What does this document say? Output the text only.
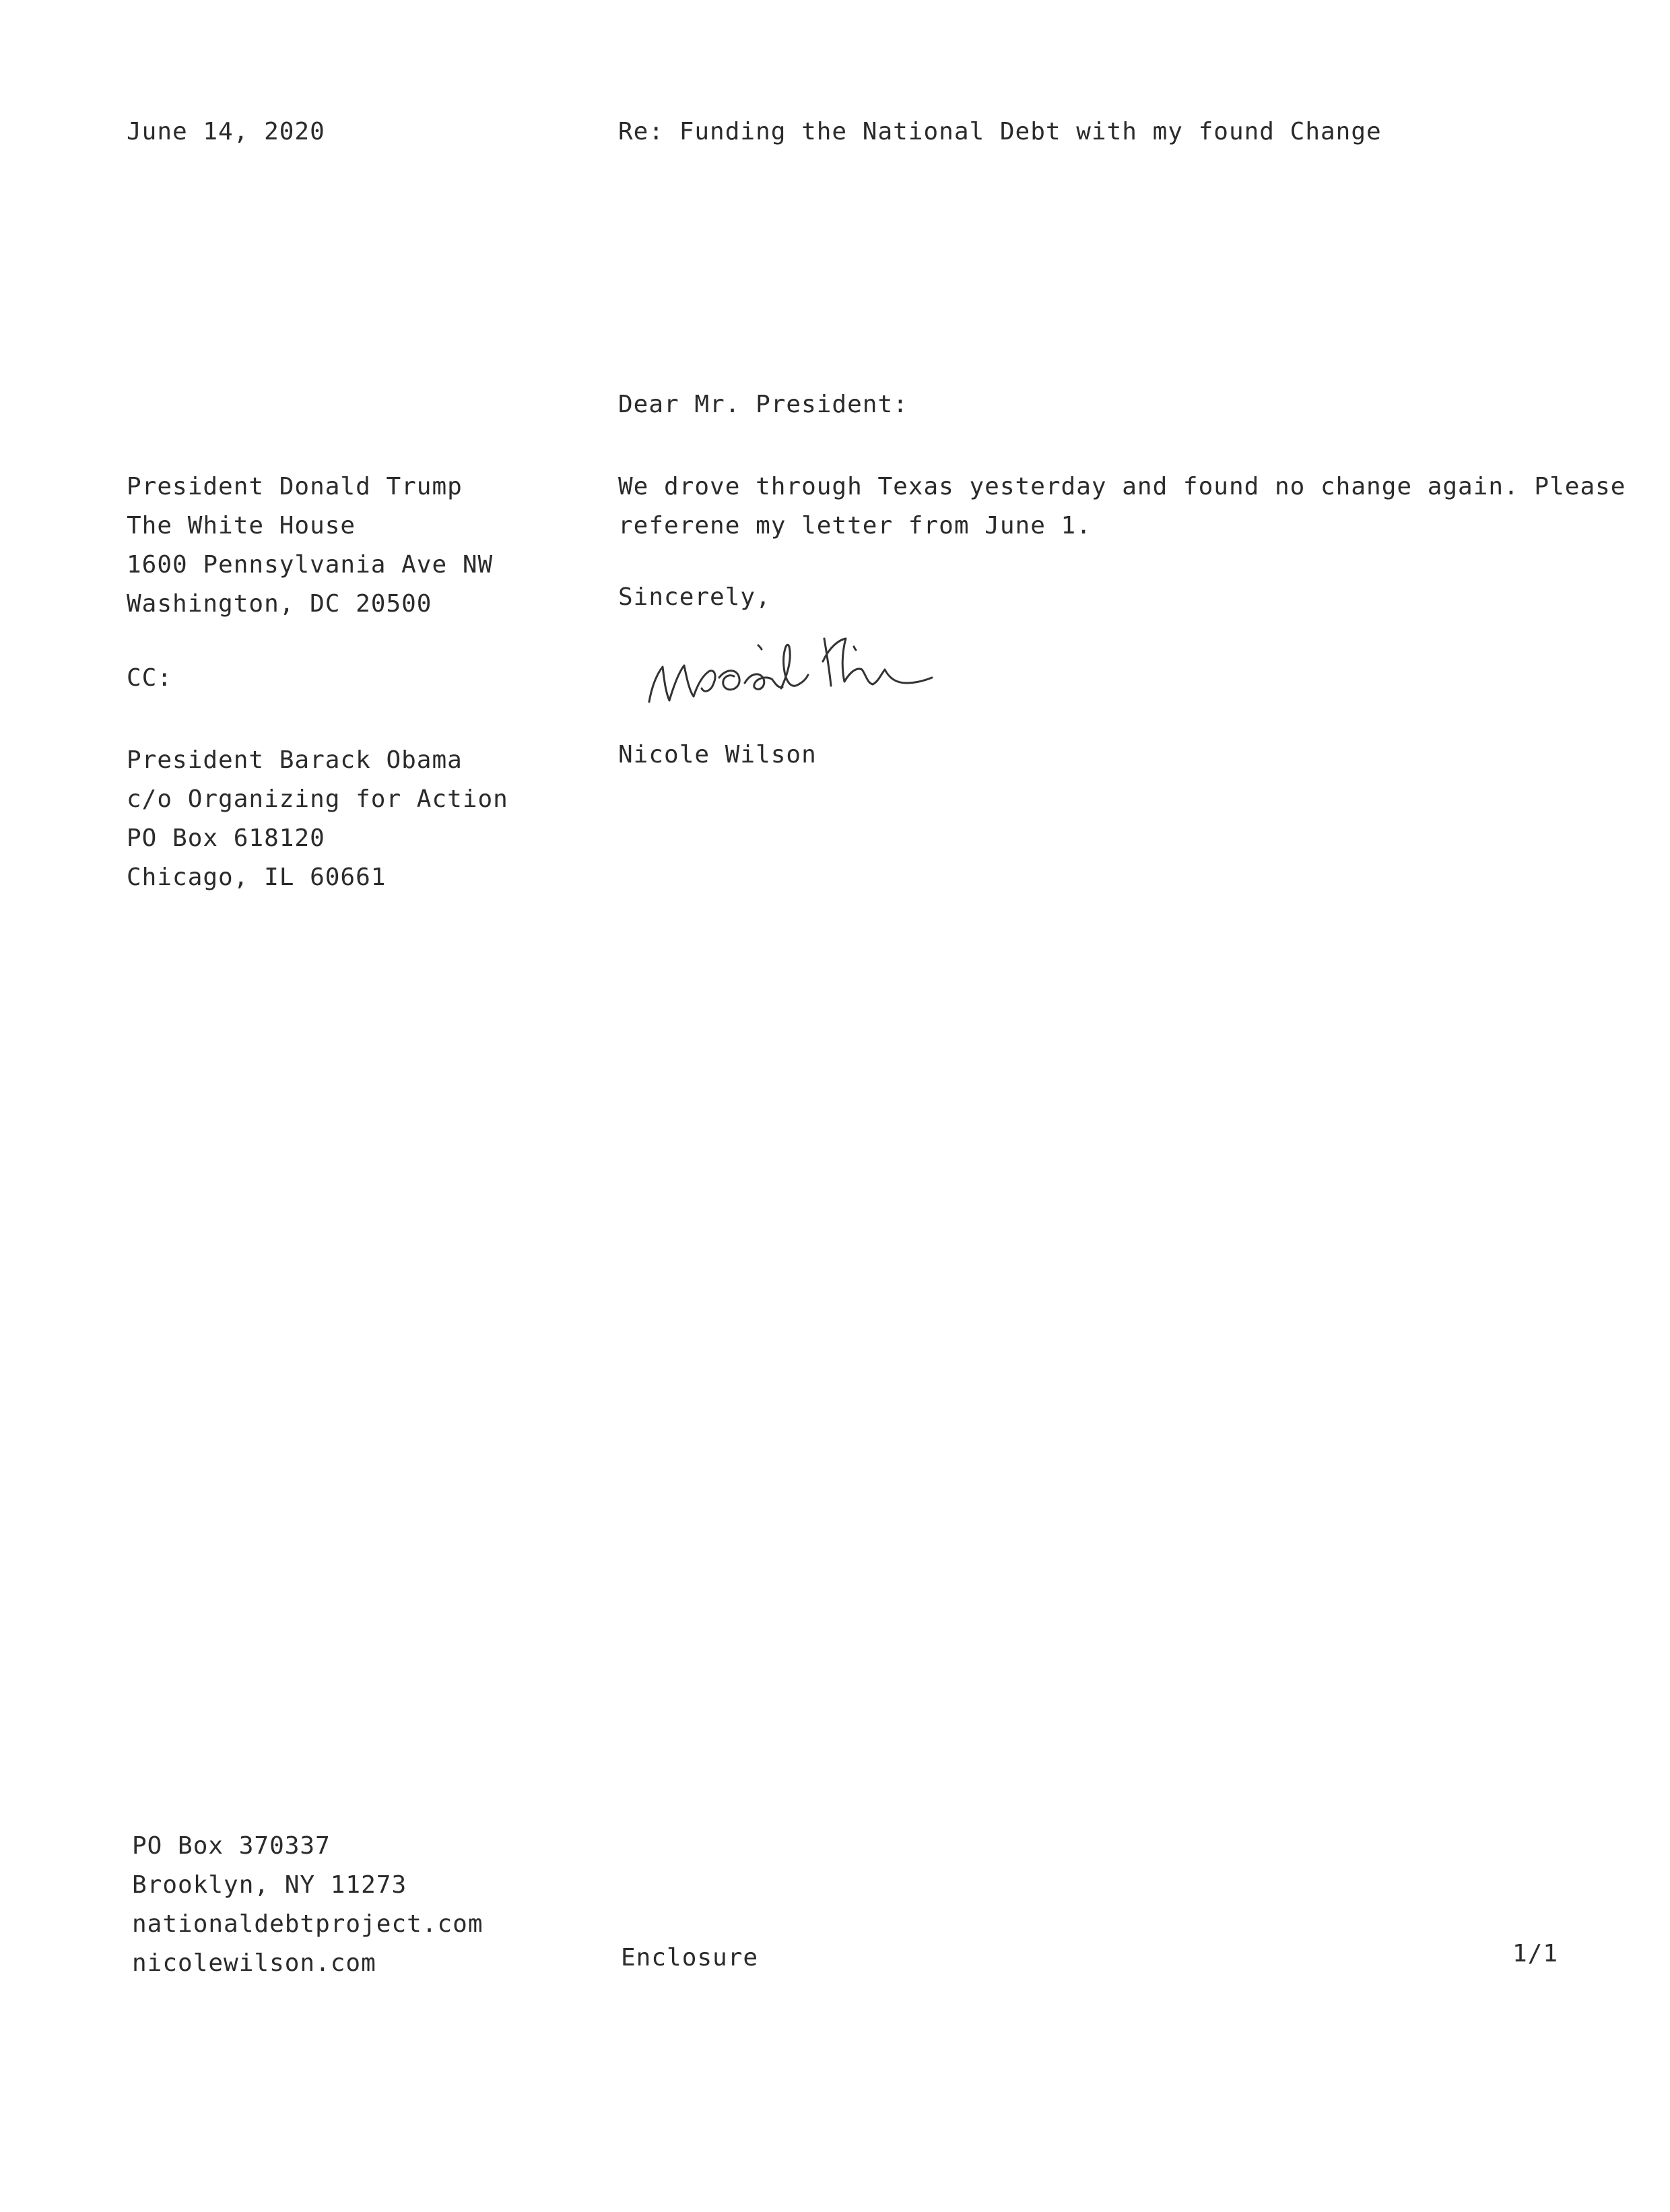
June 14, 2020	Re: Funding the National Debt with my found Change
Dear Mr. President:
President Donald Trump
The White House
1600 Pennsylvania Ave NW
Washington, DC 20500
CC:
President Barack Obama
c/o Organizing for Action
PO Box 618120
Chicago, IL 60661
We drove through Texas yesterday and found no change again. Please
referene my letter from June 1.
Sincerely,
Nicole Wilson
PO Box 370337
Brooklyn, NY 11273
nationaldebtproject.com
nicolewilson.com	Enclosure	1/1
